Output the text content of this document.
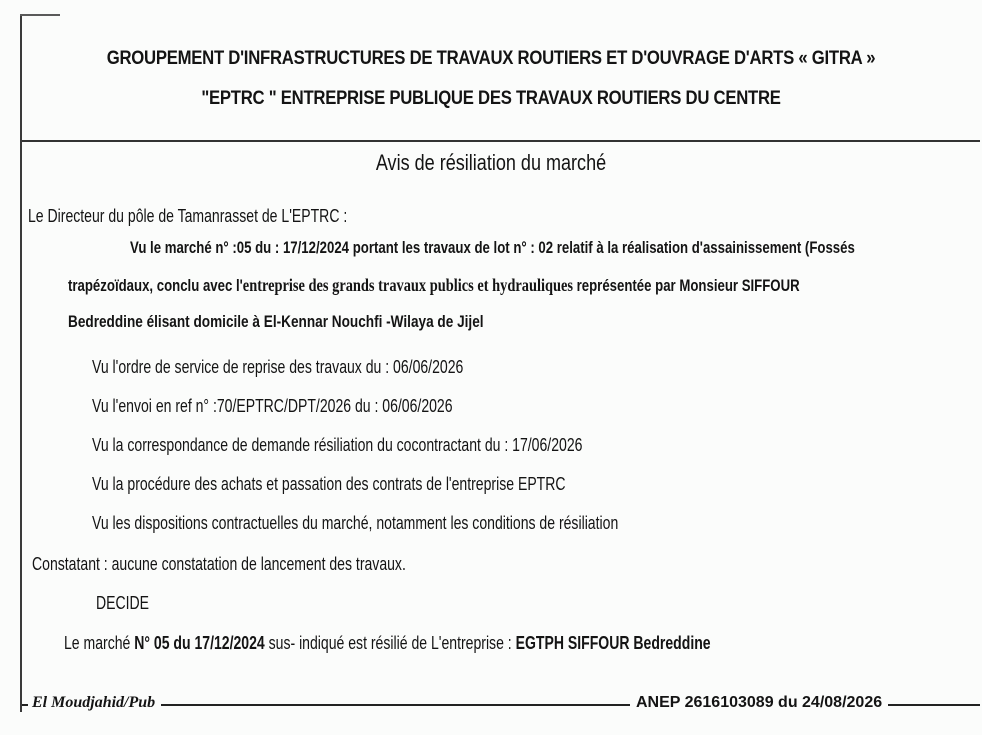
GROUPEMENT D'INFRASTRUCTURES DE TRAVAUX ROUTIERS ET D'OUVRAGE D'ARTS « GITRA »
"EPTRC " ENTREPRISE PUBLIQUE DES TRAVAUX ROUTIERS DU CENTRE
Avis de résiliation du marché
Le Directeur du pôle de Tamanrasset de L'EPTRC :
Vu le marché n° :05 du : 17/12/2024 portant les travaux de lot n° : 02 relatif à la réalisation d'assainissement (Fossés
trapézoïdaux, conclu avec l'entreprise des grands travaux publics et hydrauliques représentée par Monsieur SIFFOUR
Bedreddine élisant domicile à El-Kennar Nouchfi -Wilaya de Jijel
Vu l'ordre de service de reprise des travaux du : 06/06/2026
Vu l'envoi en ref n° :70/EPTRC/DPT/2026 du : 06/06/2026
Vu la correspondance de demande résiliation du cocontractant du : 17/06/2026
Vu la procédure des achats et passation des contrats de l'entreprise EPTRC
Vu les dispositions contractuelles du marché, notamment les conditions de résiliation
Constatant : aucune constatation de lancement des travaux.
DECIDE
Le marché N° 05 du 17/12/2024 sus- indiqué est résilié de L'entreprise : EGTPH SIFFOUR Bedreddine
El Moudjahid/Pub	ANEP 2616103089 du 24/08/2026
